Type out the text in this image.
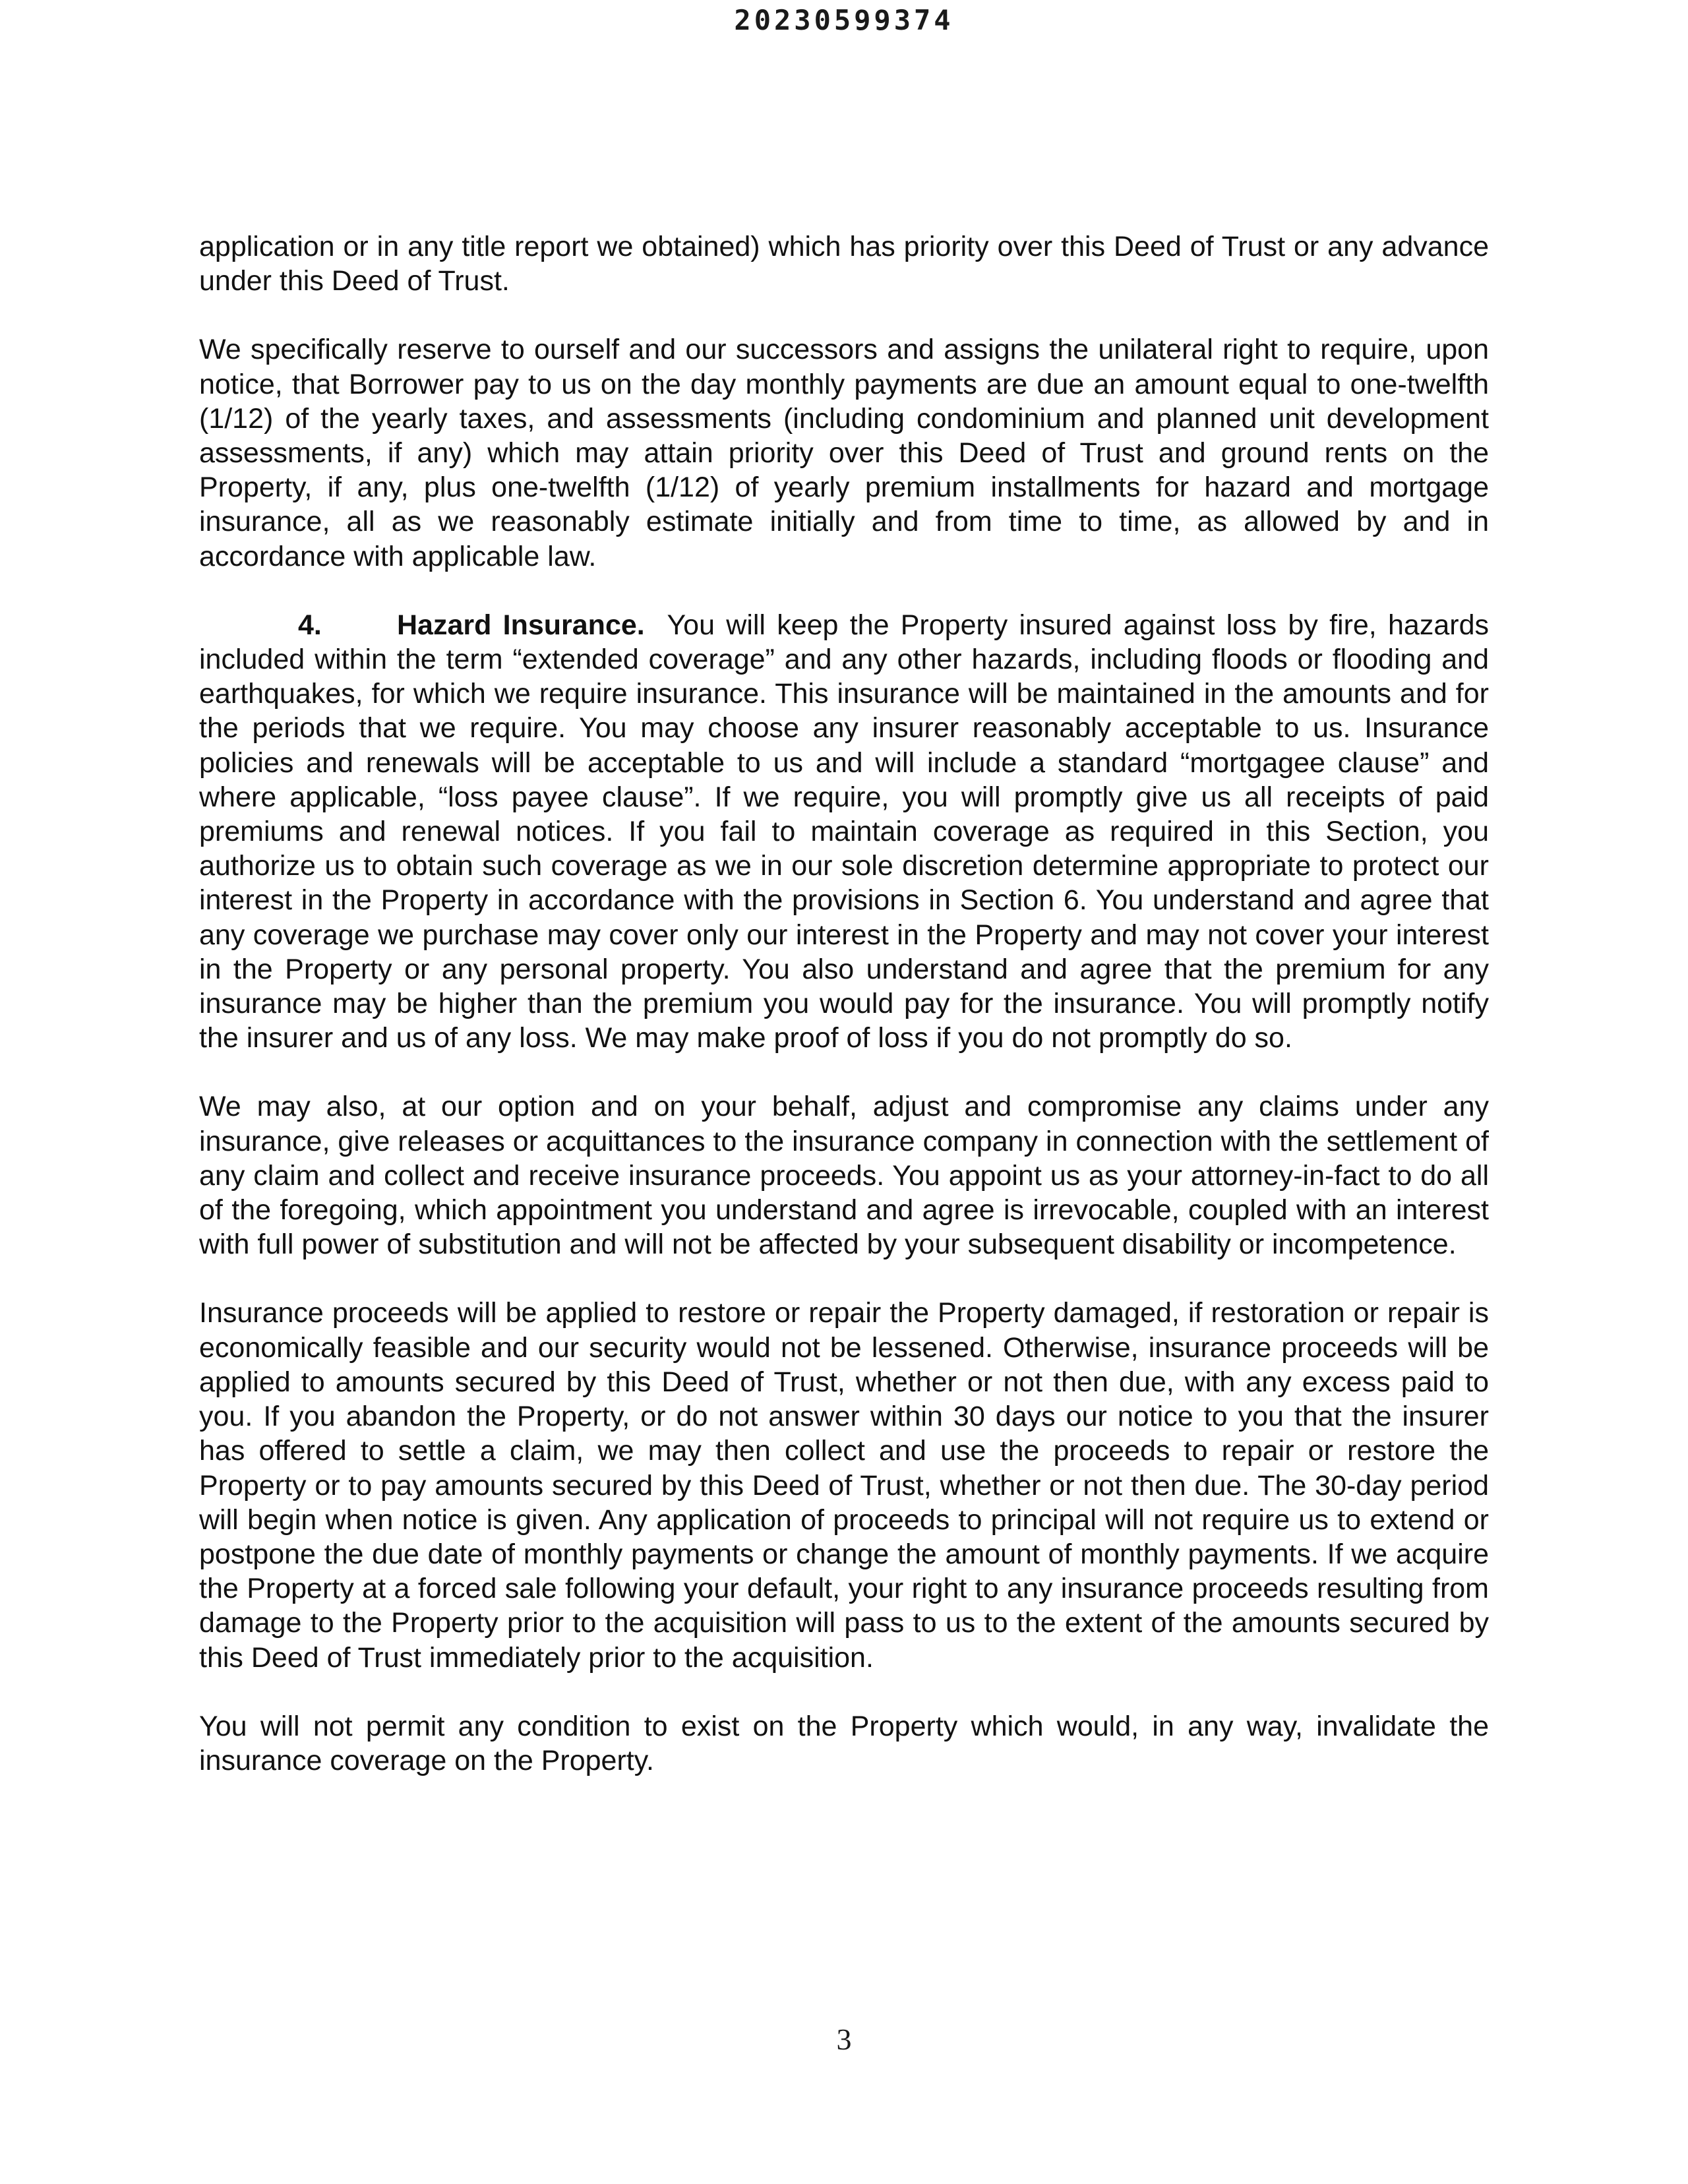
20230599374

application or in any title report we obtained) which has priority over this Deed of Trust or any advance under this Deed of Trust.

We specifically reserve to ourself and our successors and assigns the unilateral right to require, upon notice, that Borrower pay to us on the day monthly payments are due an amount equal to one-twelfth (1/12) of the yearly taxes, and assessments (including condominium and planned unit development assessments, if any) which may attain priority over this Deed of Trust and ground rents on the Property, if any, plus one-twelfth (1/12) of yearly premium installments for hazard and mortgage insurance, all as we reasonably estimate initially and from time to time, as allowed by and in accordance with applicable law.

4.	Hazard Insurance. You will keep the Property insured against loss by fire, hazards included within the term “extended coverage” and any other hazards, including floods or flooding and earthquakes, for which we require insurance. This insurance will be maintained in the amounts and for the periods that we require. You may choose any insurer reasonably acceptable to us. Insurance policies and renewals will be acceptable to us and will include a standard “mortgagee clause” and where applicable, “loss payee clause”. If we require, you will promptly give us all receipts of paid premiums and renewal notices. If you fail to maintain coverage as required in this Section, you authorize us to obtain such coverage as we in our sole discretion determine appropriate to protect our interest in the Property in accordance with the provisions in Section 6. You understand and agree that any coverage we purchase may cover only our interest in the Property and may not cover your interest in the Property or any personal property. You also understand and agree that the premium for any insurance may be higher than the premium you would pay for the insurance. You will promptly notify the insurer and us of any loss. We may make proof of loss if you do not promptly do so.

We may also, at our option and on your behalf, adjust and compromise any claims under any insurance, give releases or acquittances to the insurance company in connection with the settlement of any claim and collect and receive insurance proceeds. You appoint us as your attorney-in-fact to do all of the foregoing, which appointment you understand and agree is irrevocable, coupled with an interest with full power of substitution and will not be affected by your subsequent disability or incompetence.

Insurance proceeds will be applied to restore or repair the Property damaged, if restoration or repair is economically feasible and our security would not be lessened. Otherwise, insurance proceeds will be applied to amounts secured by this Deed of Trust, whether or not then due, with any excess paid to you. If you abandon the Property, or do not answer within 30 days our notice to you that the insurer has offered to settle a claim, we may then collect and use the proceeds to repair or restore the Property or to pay amounts secured by this Deed of Trust, whether or not then due. The 30-day period will begin when notice is given. Any application of proceeds to principal will not require us to extend or postpone the due date of monthly payments or change the amount of monthly payments. If we acquire the Property at a forced sale following your default, your right to any insurance proceeds resulting from damage to the Property prior to the acquisition will pass to us to the extent of the amounts secured by this Deed of Trust immediately prior to the acquisition.

You will not permit any condition to exist on the Property which would, in any way, invalidate the insurance coverage on the Property.

3
